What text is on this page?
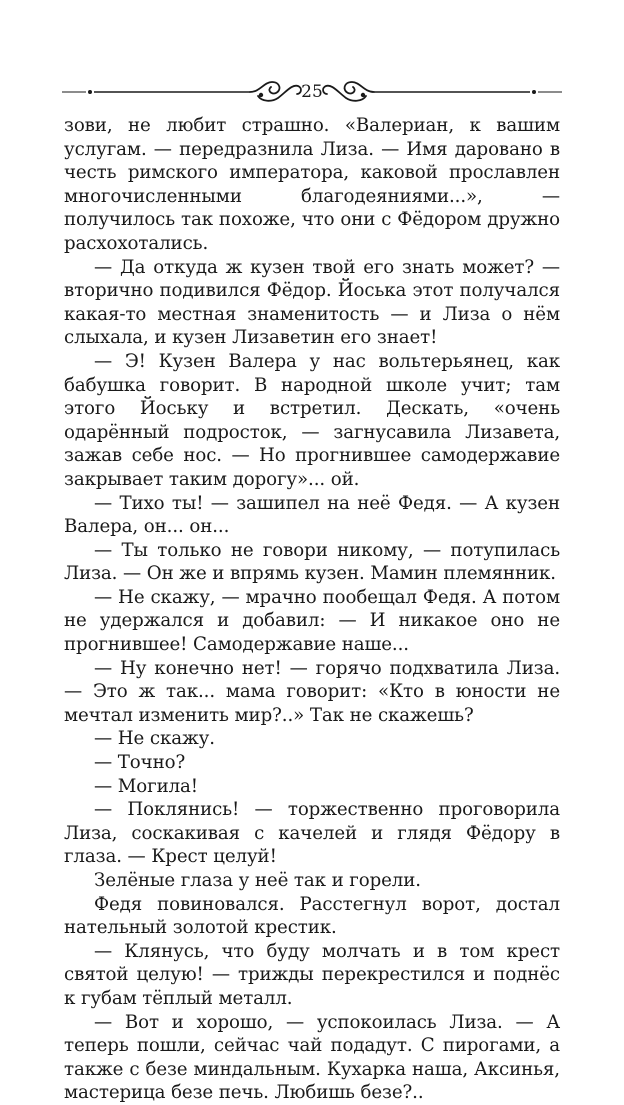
25

зови, не любит страшно. «Валериан, к вашим услугам. — передразнила Лиза. — Имя даровано в честь римского императора, каковой прославлен многочисленными благодеяниями...», — получилось так похоже, что они с Фёдором дружно расхохотались.

— Да откуда ж кузен твой его знать может? — вторично подивился Фёдор. Йоська этот получался какая-то местная знаменитость — и Лиза о нём слыхала, и кузен Лизаветин его знает!

— Э! Кузен Валера у нас вольтерьянец, как бабушка говорит. В народной школе учит; там этого Йоську и встретил. Дескать, «очень одарённый подросток, — загнусавила Лизавета, зажав себе нос. — Но прогнившее самодержавие закрывает таким дорогу»... ой.

— Тихо ты! — зашипел на неё Федя. — А кузен Валера, он... он...

— Ты только не говори никому, — потупилась Лиза. — Он же и впрямь кузен. Мамин племянник.

— Не скажу, — мрачно пообещал Федя. А потом не удержался и добавил: — И никакое оно не прогнившее! Самодержавие наше...

— Ну конечно нет! — горячо подхватила Лиза. — Это ж так... мама говорит: «Кто в юности не мечтал изменить мир?..» Так не скажешь?

— Не скажу.

— Точно?

— Могила!

— Поклянись! — торжественно проговорила Лиза, соскакивая с качелей и глядя Фёдору в глаза. — Крест целуй!

Зелёные глаза у неё так и горели.

Федя повиновался. Расстегнул ворот, достал нательный золотой крестик.

— Клянусь, что буду молчать и в том крест святой целую! — трижды перекрестился и поднёс к губам тёплый металл.

— Вот и хорошо, — успокоилась Лиза. — А теперь пошли, сейчас чай подадут. С пирогами, а также с безе миндальным. Кухарка наша, Аксинья, мастерица безе печь. Любишь безе?..
